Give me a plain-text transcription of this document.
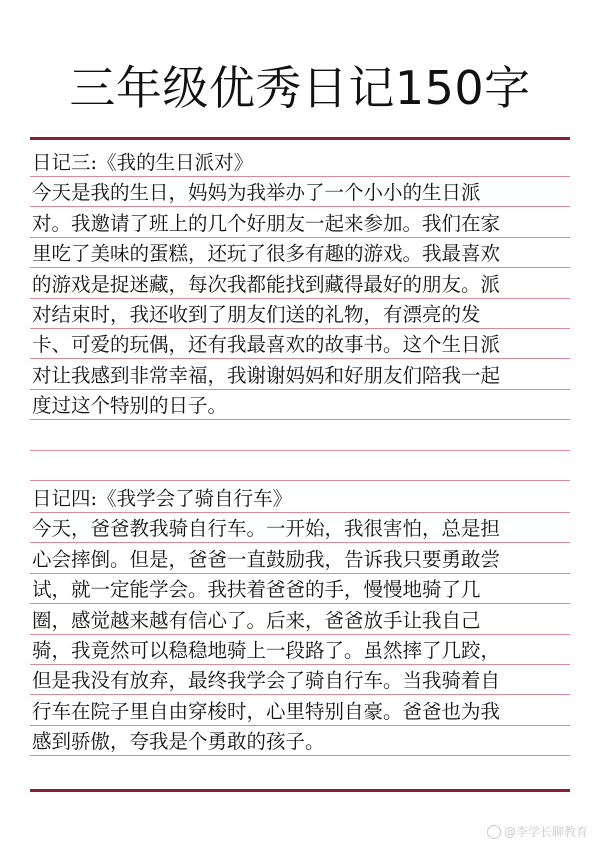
三年级优秀日记150字
日记三:《我的生日派对》
今天是我的生日，妈妈为我举办了一个小小的生日派
对。我邀请了班上的几个好朋友一起来参加。我们在家
里吃了美味的蛋糕，还玩了很多有趣的游戏。我最喜欢
的游戏是捉迷藏，每次我都能找到藏得最好的朋友。派
对结束时，我还收到了朋友们送的礼物，有漂亮的发
卡、可爱的玩偶，还有我最喜欢的故事书。这个生日派
对让我感到非常幸福，我谢谢妈妈和好朋友们陪我一起
度过这个特别的日子。
日记四:《我学会了骑自行车》
今天，爸爸教我骑自行车。一开始，我很害怕，总是担
心会摔倒。但是，爸爸一直鼓励我，告诉我只要勇敢尝
试，就一定能学会。我扶着爸爸的手，慢慢地骑了几
圈，感觉越来越有信心了。后来，爸爸放手让我自己
骑，我竟然可以稳稳地骑上一段路了。虽然摔了几跤，
但是我没有放弃，最终我学会了骑自行车。当我骑着自
行车在院子里自由穿梭时，心里特别自豪。爸爸也为我
感到骄傲，夸我是个勇敢的孩子。
@李学长聊教育
